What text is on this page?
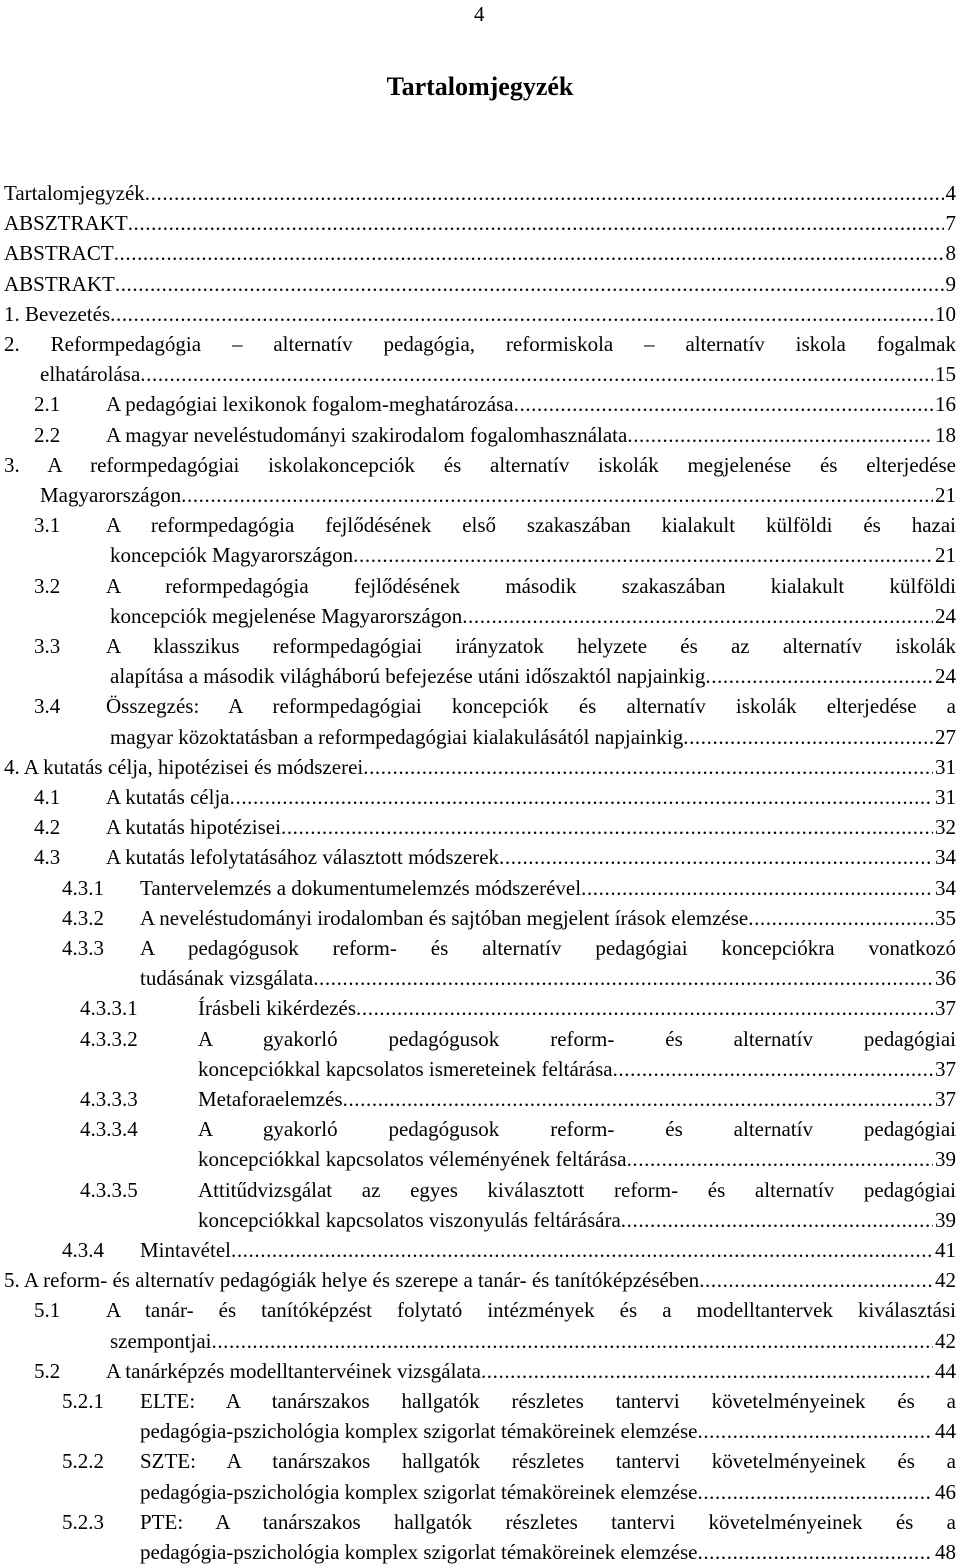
4
Tartalomjegyzék
Tartalomjegyzék .....	4
ABSZTRAKT .....	7
ABSTRACT .....	8
ABSTRAKT .....	9
1. Bevezetés .....	10
2. Reformpedagógia – alternatív pedagógia, reformiskola – alternatív iskola fogalmak
elhatárolása .....	15
2.1 A pedagógiai lexikonok fogalom-meghatározása .....	16
2.2 A magyar neveléstudományi szakirodalom fogalomhasználata .....	18
3. A reformpedagógiai iskolakoncepciók és alternatív iskolák megjelenése és elterjedése
Magyarországon .....	21
3.1 A reformpedagógia fejlődésének első szakaszában kialakult külföldi és hazai
koncepciók Magyarországon .....	21
3.2 A reformpedagógia fejlődésének második szakaszában kialakult külföldi
koncepciók megjelenése Magyarországon .....	24
3.3 A klasszikus reformpedagógiai irányzatok helyzete és az alternatív iskolák
alapítása a második világháború befejezése utáni időszaktól napjainkig .....	24
3.4 Összegzés: A reformpedagógiai koncepciók és alternatív iskolák elterjedése a
magyar közoktatásban a reformpedagógiai kialakulásától napjainkig .....	27
4. A kutatás célja, hipotézisei és módszerei .....	31
4.1 A kutatás célja .....	31
4.2 A kutatás hipotézisei .....	32
4.3 A kutatás lefolytatásához választott módszerek .....	34
4.3.1 Tantervelemzés a dokumentumelemzés módszerével .....	34
4.3.2 A neveléstudományi irodalomban és sajtóban megjelent írások elemzése .....	35
4.3.3 A pedagógusok reform- és alternatív pedagógiai koncepciókra vonatkozó
tudásának vizsgálata .....	36
4.3.3.1	Írásbeli kikérdezés .....	37
4.3.3.2	A gyakorló pedagógusok reform- és alternatív pedagógiai
koncepciókkal kapcsolatos ismereteinek feltárása .....	37
4.3.3.3	Metaforaelemzés .....	37
4.3.3.4	A gyakorló pedagógusok reform- és alternatív pedagógiai
koncepciókkal kapcsolatos véleményének feltárása .....	39
4.3.3.5	Attitűdvizsgálat az egyes kiválasztott reform- és alternatív pedagógiai
koncepciókkal kapcsolatos viszonyulás feltárására .....	39
4.3.4 Mintavétel .....	41
5. A reform- és alternatív pedagógiák helye és szerepe a tanár- és tanítóképzésében .....	42
5.1 A tanár- és tanítóképzést folytató intézmények és a modelltantervek kiválasztási
szempontjai .....	42
5.2 A tanárképzés modelltantervéinek vizsgálata .....	44
5.2.1 ELTE: A tanárszakos hallgatók részletes tantervi követelményeinek és a
pedagógia-pszichológia komplex szigorlat témaköreinek elemzése .....	44
5.2.2 SZTE: A tanárszakos hallgatók részletes tantervi követelményeinek és a
pedagógia-pszichológia komplex szigorlat témaköreinek elemzése .....	46
5.2.3 PTE: A tanárszakos hallgatók részletes tantervi követelményeinek és a
pedagógia-pszichológia komplex szigorlat témaköreinek elemzése .....	48
